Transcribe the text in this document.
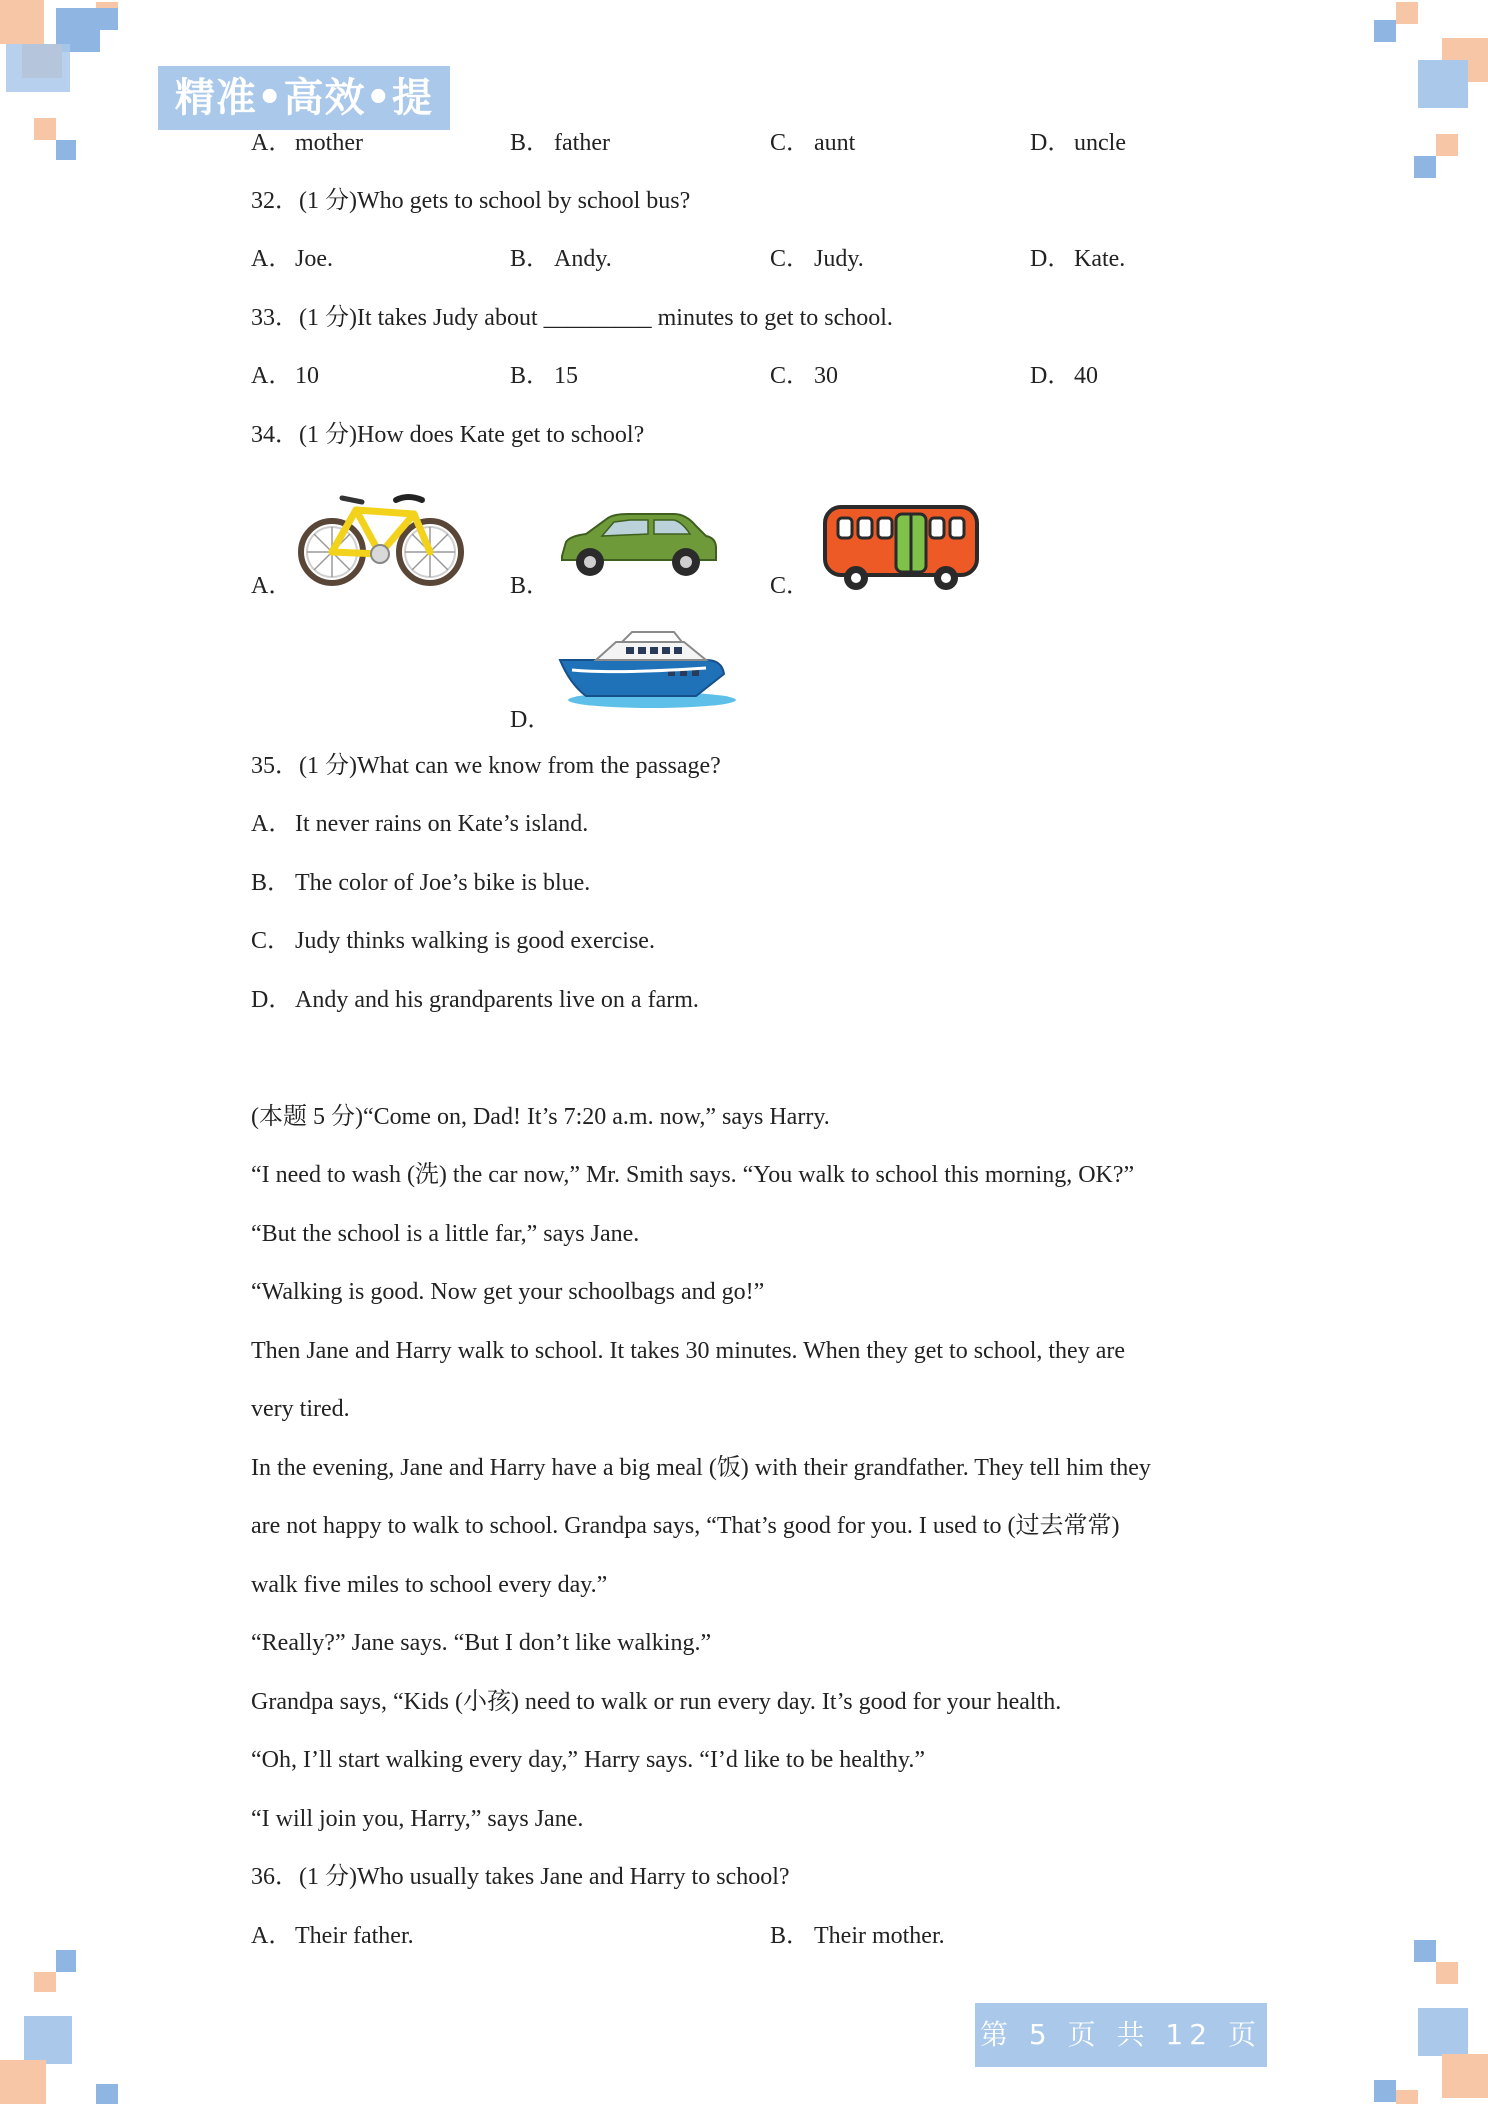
精准•高效•提升
A． mother	B． father	C． aunt	D． uncle
32．(1 分)Who gets to school by school bus?
A． Joe.	B． Andy.	C． Judy.	D． Kate.
33．(1 分)It takes Judy about _________ minutes to get to school.
A． 10	B． 15	C． 30	D． 40
34．(1 分)How does Kate get to school?
A．	B．	C．
D．
35．(1 分)What can we know from the passage?
A． It never rains on Kate’s island.
B． The color of Joe’s bike is blue.
C． Judy thinks walking is good exercise.
D． Andy and his grandparents live on a farm.
(本题 5 分)“Come on, Dad! It’s 7:20 a.m. now,” says Harry.
“I need to wash (洗) the car now,” Mr. Smith says. “You walk to school this morning, OK?”
“But the school is a little far,” says Jane.
“Walking is good. Now get your schoolbags and go!”
Then Jane and Harry walk to school. It takes 30 minutes. When they get to school, they are
very tired.
In the evening, Jane and Harry have a big meal (饭) with their grandfather. They tell him they
are not happy to walk to school. Grandpa says, “That’s good for you. I used to (过去常常)
walk five miles to school every day.”
“Really?” Jane says. “But I don’t like walking.”
Grandpa says, “Kids (小孩) need to walk or run every day. It’s good for your health.
“Oh, I’ll start walking every day,” Harry says. “I’d like to be healthy.”
“I will join you, Harry,” says Jane.
36．(1 分)Who usually takes Jane and Harry to school?
A． Their father.	B． Their mother.
第 5 页 共 12 页
